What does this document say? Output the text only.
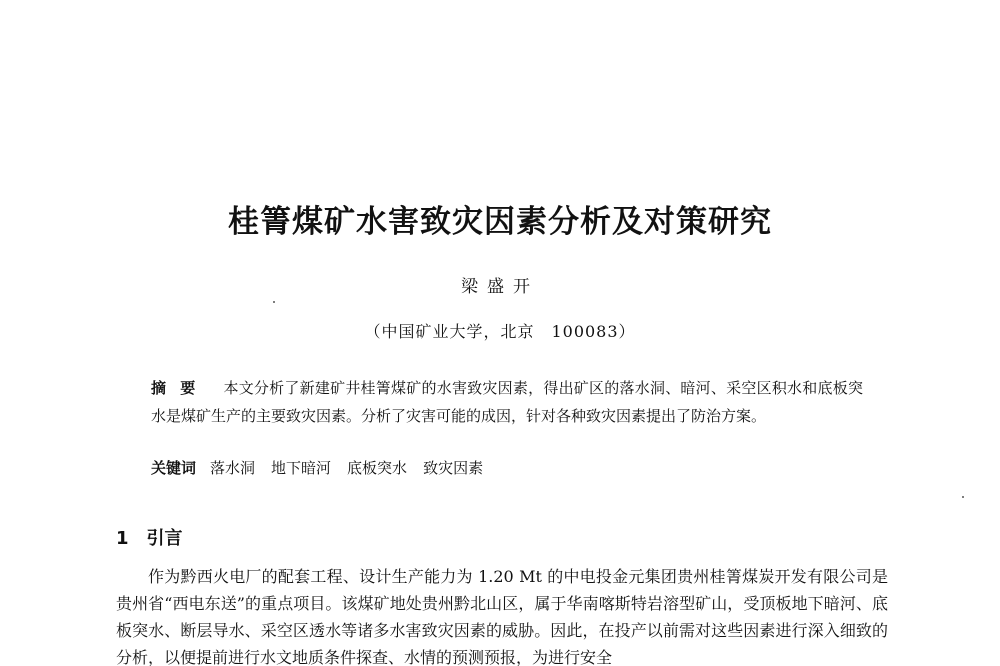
桂箐煤矿水害致灾因素分析及对策研究

梁盛开

（中国矿业大学，北京　100083）

摘要 本文分析了新建矿井桂箐煤矿的水害致灾因素，得出矿区的落水洞、暗河、采空区积水和底板突水是煤矿生产的主要致灾因素。分析了灾害可能的成因，针对各种致灾因素提出了防治方案。

关键词 落水洞 地下暗河 底板突水 致灾因素

1 引言

作为黔西火电厂的配套工程、设计生产能力为 1.20 Mt 的中电投金元集团贵州桂箐煤炭开发有限公司是贵州省“西电东送”的重点项目。该煤矿地处贵州黔北山区，属于华南喀斯特岩溶型矿山，受顶板地下暗河、底板突水、断层导水、采空区透水等诸多水害致灾因素的威胁。因此，在投产以前需对这些因素进行深入细致的分析，以便提前进行水文地质条件探查、水情的预测预报，为进行安全
